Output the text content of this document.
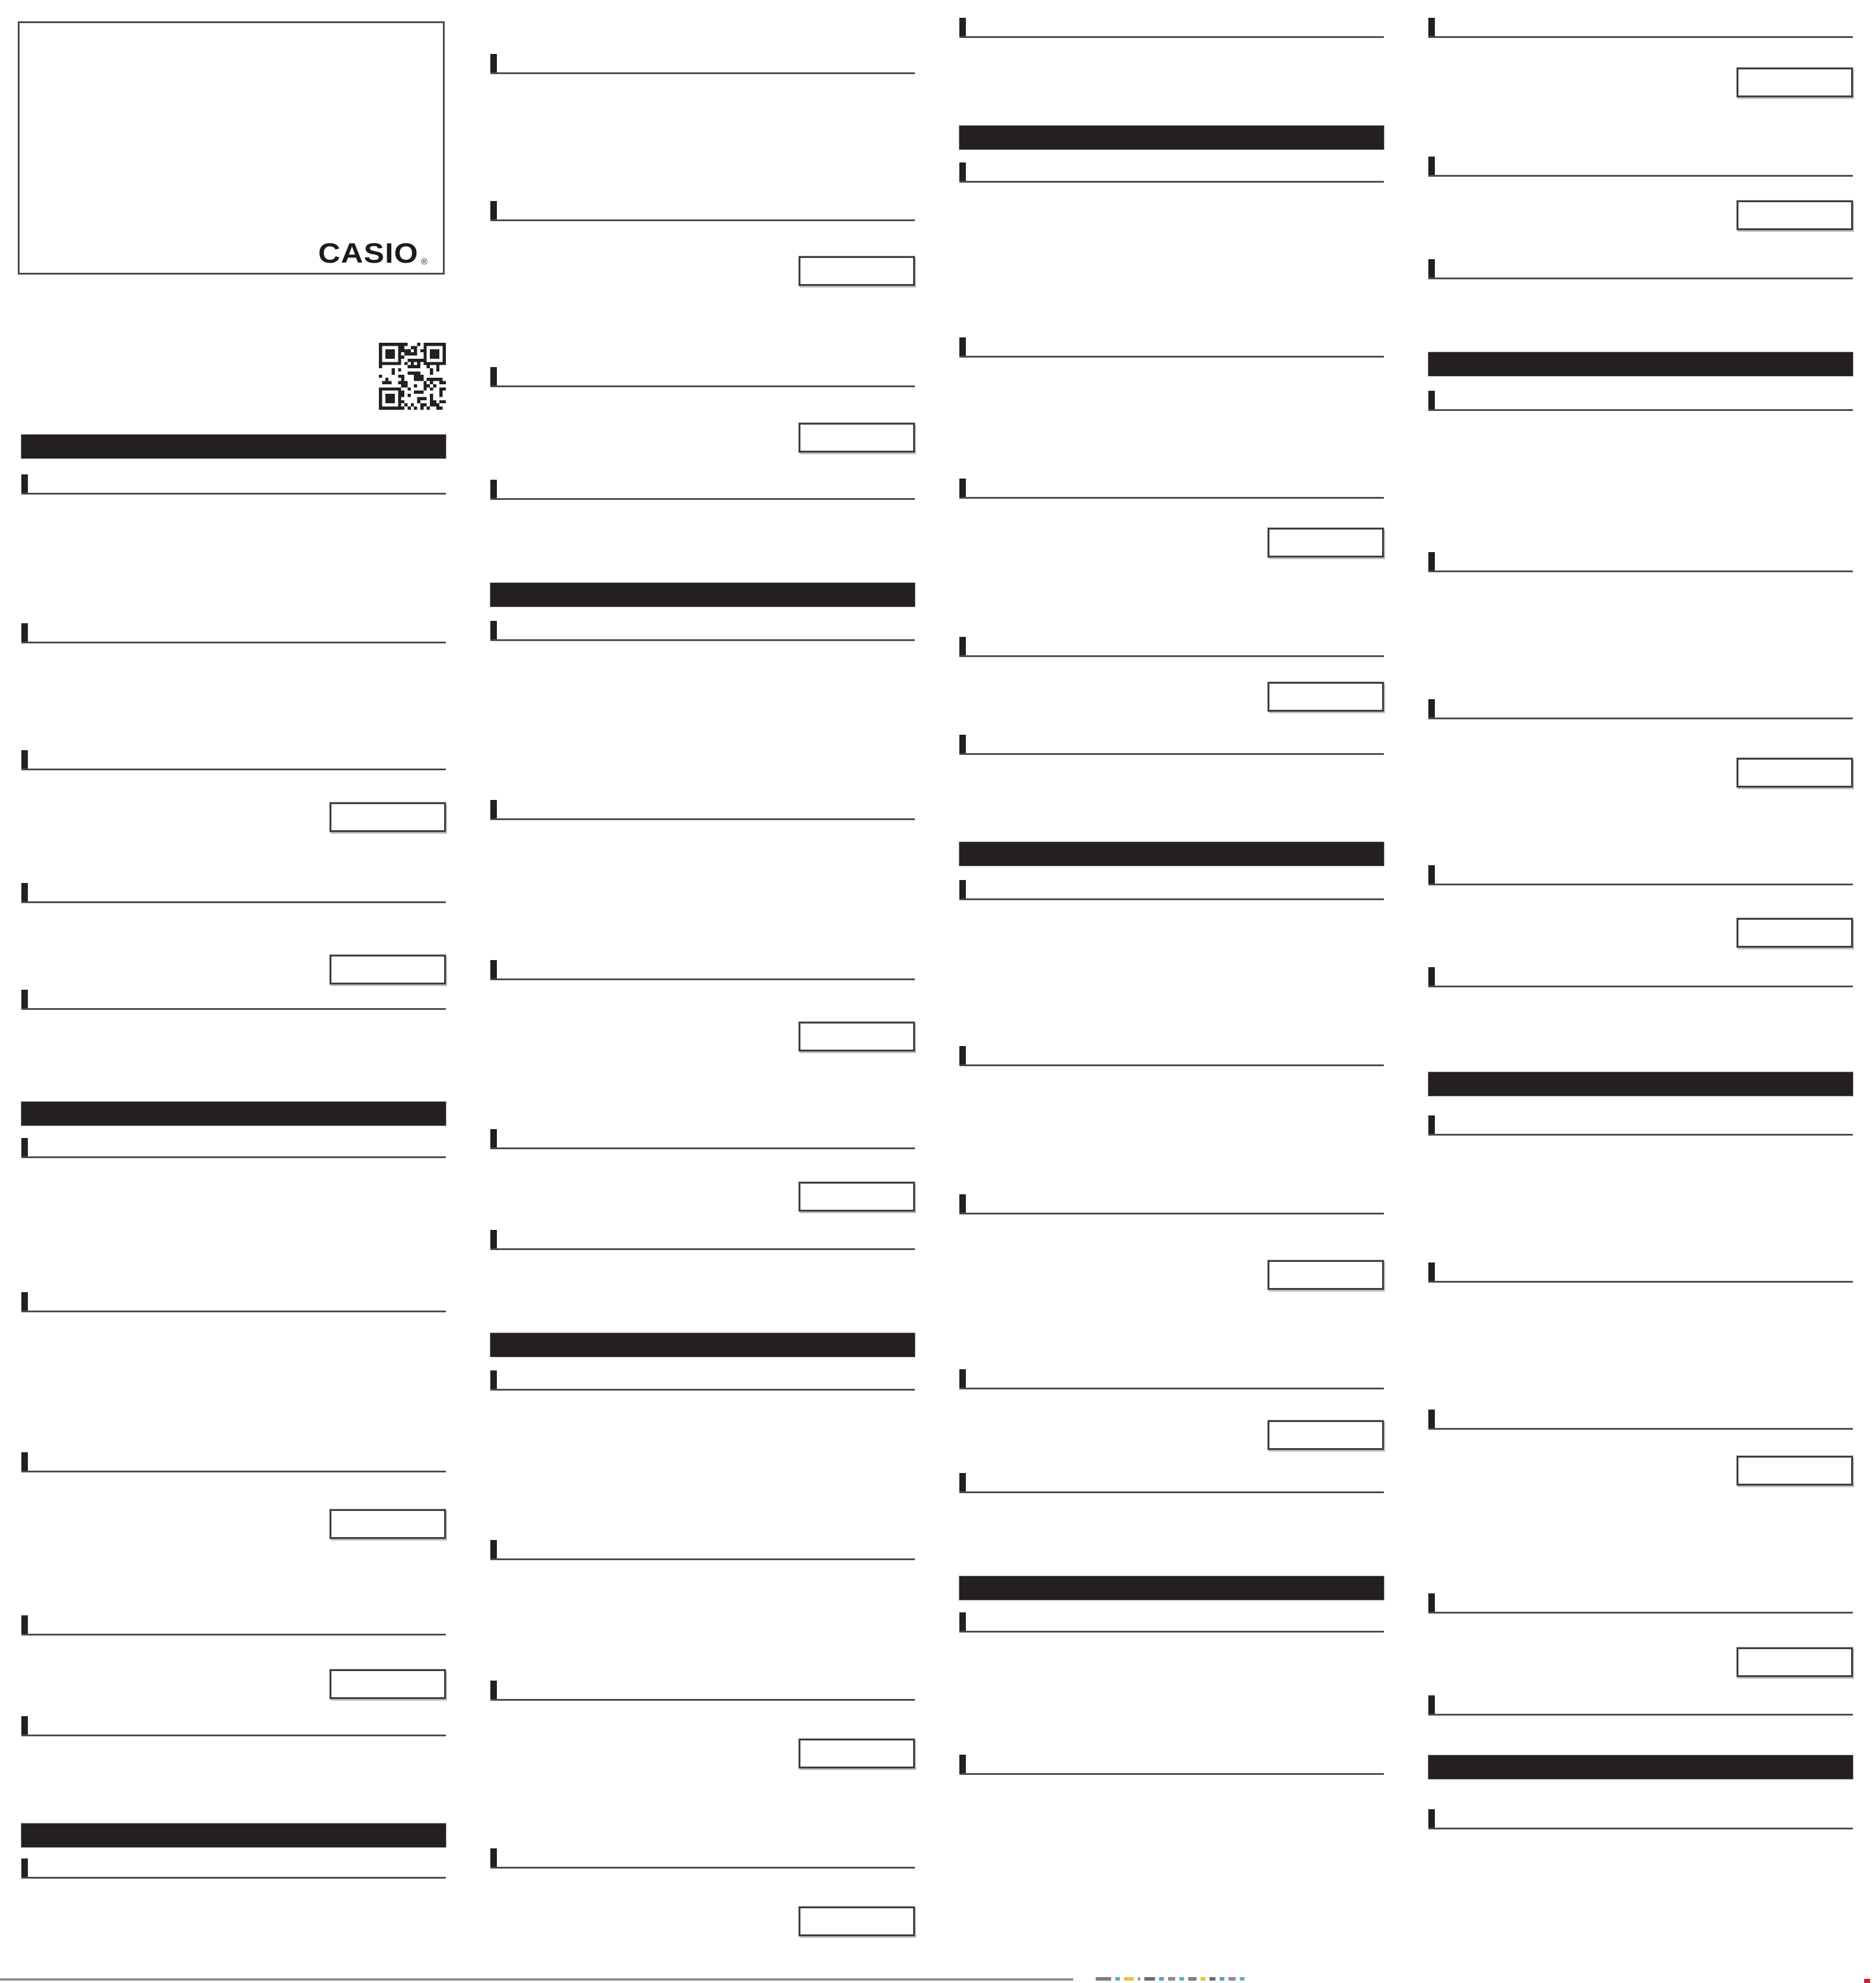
CASIO ®
